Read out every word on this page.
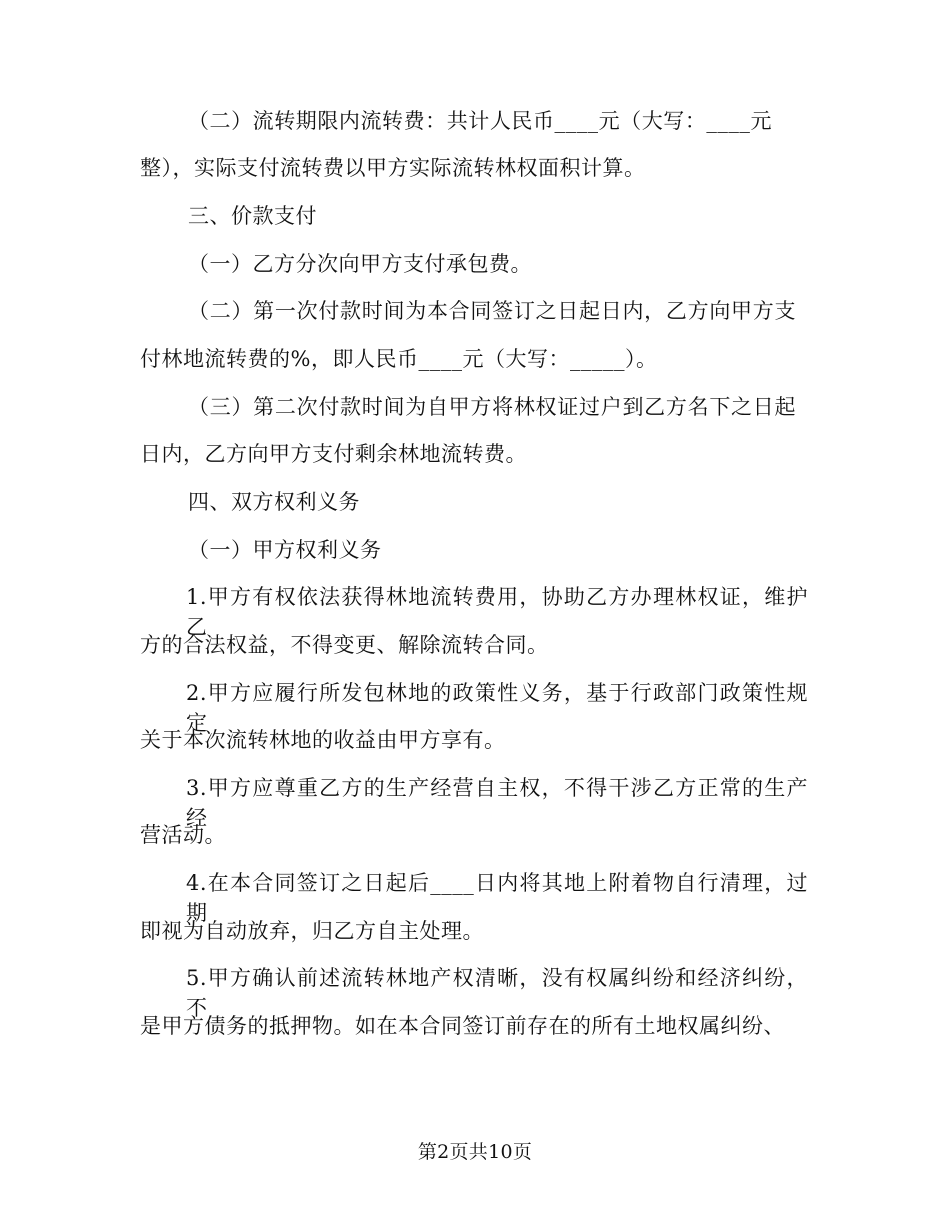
（二）流转期限内流转费：共计人民币____元（大写：____元
整），实际支付流转费以甲方实际流转林权面积计算。
三、价款支付
（一）乙方分次向甲方支付承包费。
（二）第一次付款时间为本合同签订之日起日内，乙方向甲方支
付林地流转费的%，即人民币____元（大写：_____）。
（三）第二次付款时间为自甲方将林权证过户到乙方名下之日起
日内，乙方向甲方支付剩余林地流转费。
四、双方权利义务
（一）甲方权利义务
1.甲方有权依法获得林地流转费用，协助乙方办理林权证，维护乙
方的合法权益，不得变更、解除流转合同。
2.甲方应履行所发包林地的政策性义务，基于行政部门政策性规定
关于本次流转林地的收益由甲方享有。
3.甲方应尊重乙方的生产经营自主权，不得干涉乙方正常的生产经
营活动。
4.在本合同签订之日起后____日内将其地上附着物自行清理，过期
即视为自动放弃，归乙方自主处理。
5.甲方确认前述流转林地产权清晰，没有权属纠纷和经济纠纷，不
是甲方债务的抵押物。如在本合同签订前存在的所有土地权属纠纷、
第2页共10页
